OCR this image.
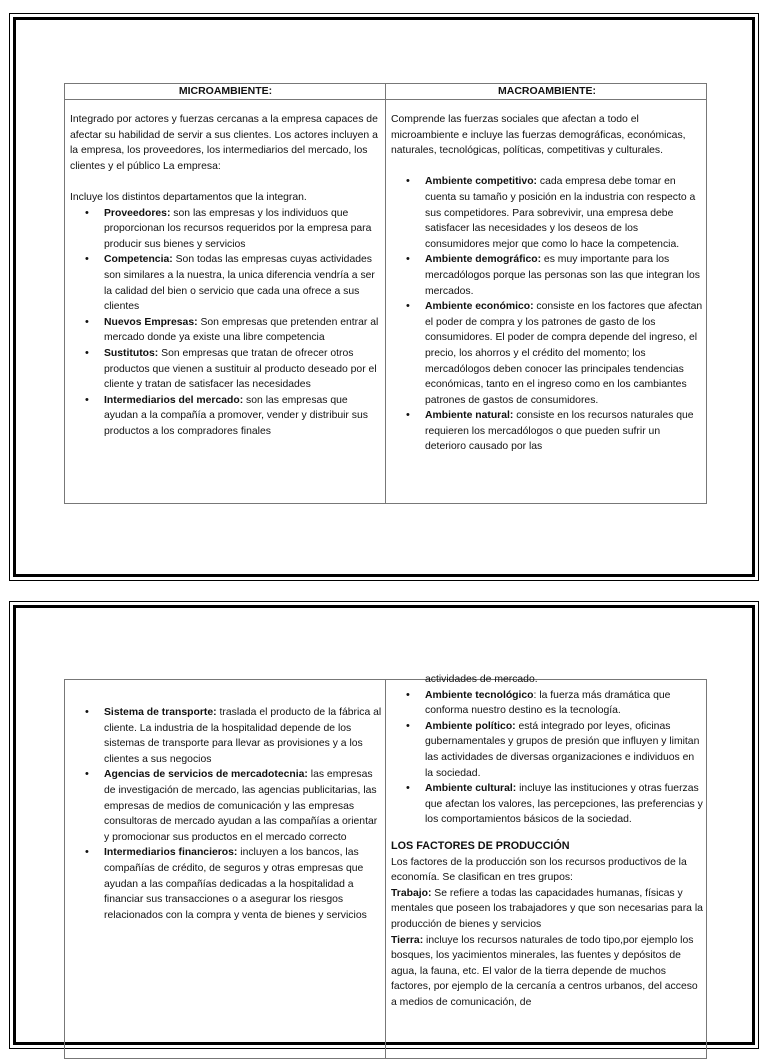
MICROAMBIENTE:	MACROAMBIENTE:

Integrado por actores y fuerzas cercanas a la empresa capaces de afectar su habilidad de servir a sus clientes. Los actores incluyen a la empresa, los proveedores, los intermediarios del mercado, los clientes y el público La empresa:

Incluye los distintos departamentos que la integran.

• Proveedores: son las empresas y los individuos que proporcionan los recursos requeridos por la empresa para producir sus bienes y servicios
• Competencia: Son todas las empresas cuyas actividades son similares a la nuestra, la unica diferencia vendría a ser la calidad del bien o servicio que cada una ofrece a sus clientes
• Nuevos Empresas: Son empresas que pretenden entrar al mercado donde ya existe una libre competencia
• Sustitutos: Son empresas que tratan de ofrecer otros productos que vienen a sustituir al producto deseado por el cliente y tratan de satisfacer las necesidades
• Intermediarios del mercado: son las empresas que ayudan a la compañía a promover, vender y distribuir sus productos a los compradores finales

Comprende las fuerzas sociales que afectan a todo el microambiente e incluye las fuerzas demográficas, económicas, naturales, tecnológicas, políticas, competitivas y culturales.

• Ambiente competitivo: cada empresa debe tomar en cuenta su tamaño y posición en la industria con respecto a sus competidores. Para sobrevivir, una empresa debe satisfacer las necesidades y los deseos de los consumidores mejor que como lo hace la competencia.
• Ambiente demográfico: es muy importante para los mercadólogos porque las personas son las que integran los mercados.
• Ambiente económico: consiste en los factores que afectan el poder de compra y los patrones de gasto de los consumidores. El poder de compra depende del ingreso, el precio, los ahorros y el crédito del momento; los mercadólogos deben conocer las principales tendencias económicas, tanto en el ingreso como en los cambiantes patrones de gastos de consumidores.
• Ambiente natural: consiste en los recursos naturales que requieren los mercadólogos o que pueden sufrir un deterioro causado por las
• Sistema de transporte: traslada el producto de la fábrica al cliente. La industria de la hospitalidad depende de los sistemas de transporte para llevar as provisiones y a los clientes a sus negocios
• Agencias de servicios de mercadotecnia: las empresas de investigación de mercado, las agencias publicitarias, las empresas de medios de comunicación y las empresas consultoras de mercado ayudan a las compañías a orientar y promocionar sus productos en el mercado correcto
• Intermediarios financieros: incluyen a los bancos, las compañías de crédito, de seguros y otras empresas que ayudan a las compañías dedicadas a la hospitalidad a financiar sus transacciones o a asegurar los riesgos relacionados con la compra y venta de bienes y servicios

actividades de mercado.

• Ambiente tecnológico: la fuerza más dramática que conforma nuestro destino es la tecnología.
• Ambiente político: está integrado por leyes, oficinas gubernamentales y grupos de presión que influyen y limitan las actividades de diversas organizaciones e individuos en la sociedad.
• Ambiente cultural: incluye las instituciones y otras fuerzas que afectan los valores, las percepciones, las preferencias y los comportamientos básicos de la sociedad.

LOS FACTORES DE PRODUCCIÓN

Los factores de la producción son los recursos productivos de la economía. Se clasifican en tres grupos:

Trabajo: Se refiere a todas las capacidades humanas, físicas y mentales que poseen los trabajadores y que son necesarias para la producción de bienes y servicios

Tierra: incluye los recursos naturales de todo tipo,por ejemplo los bosques, los yacimientos minerales, las fuentes y depósitos de agua, la fauna, etc. El valor de la tierra depende de muchos factores, por ejemplo de la cercanía a centros urbanos, del acceso a medios de comunicación, de
